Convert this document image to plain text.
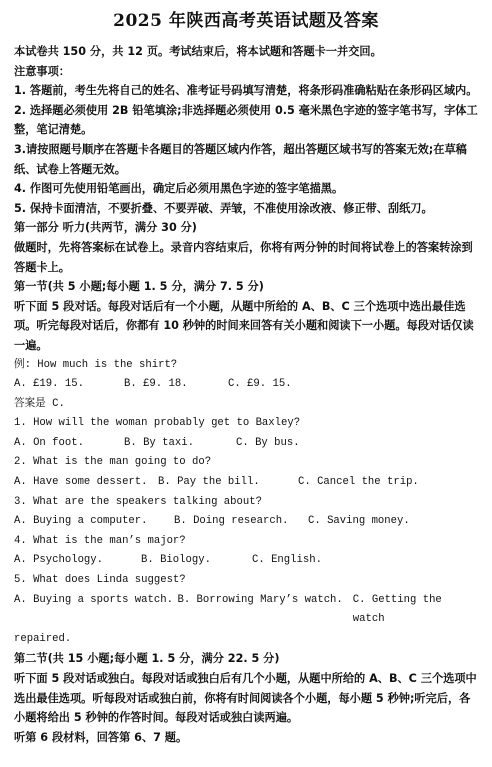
2025 年陕西高考英语试题及答案
本试卷共 150 分，共 12 页。考试结束后，将本试题和答题卡一并交回。
注意事项：
1. 答题前，考生先将自己的姓名、准考证号码填写清楚，将条形码准确粘贴在条形码区域内。
2. 选择题必须使用 2B 铅笔填涂;非选择题必须使用 0.5 毫米黑色字迹的签字笔书写，字体工整，笔记清楚。
3.请按照题号顺序在答题卡各题目的答题区域内作答，超出答题区域书写的答案无效;在草稿纸、试卷上答题无效。
4. 作图可先使用铅笔画出，确定后必须用黑色字迹的签字笔描黑。
5. 保持卡面清洁，不要折叠、不要弄破、弄皱，不准使用涂改液、修正带、刮纸刀。
第一部分 听力(共两节，满分 30 分)
做题时，先将答案标在试卷上。录音内容结束后，你将有两分钟的时间将试卷上的答案转涂到答题卡上。
第一节(共 5 小题;每小题 1. 5 分，满分 7. 5 分)
听下面 5 段对话。每段对话后有一个小题，从题中所给的 A、B、C 三个选项中选出最佳选项。听完每段对话后，你都有 10 秒钟的时间来回答有关小题和阅读下一小题。每段对话仅读一遍。
例: How much is the shirt?
A. £19. 15.	B. £9. 18.	C. £9. 15.
答案是 C.
1. How will the woman probably get to Baxley?
A. On foot.	B. By taxi.	C. By bus.
2. What is the man going to do?
A. Have some dessert. B. Pay the bill.	C. Cancel the trip.
3. What are the speakers talking about?
A. Buying a computer.	B. Doing research.	C. Saving money.
4. What is the man’s major?
A. Psychology.	B. Biology.	C. English.
5. What does Linda suggest?
A. Buying a sports watch. B. Borrowing Mary’s watch. C. Getting the watch
repaired.
第二节(共 15 小题;每小题 1. 5 分，满分 22. 5 分)
听下面 5 段对话或独白。每段对话或独白后有几个小题，从题中所给的 A、B、C 三个选项中选出最佳选项。听每段对话或独白前，你将有时间阅读各个小题，每小题 5 秒钟;听完后，各小题将给出 5 秒钟的作答时间。每段对话或独白读两遍。
听第 6 段材料，回答第 6、7 题。
